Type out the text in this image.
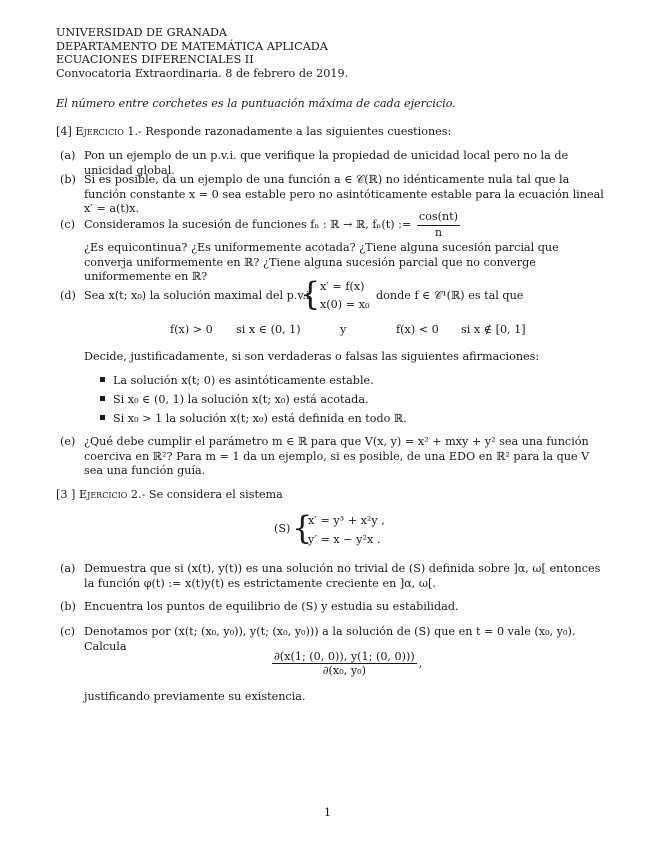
UNIVERSIDAD DE GRANADA
DEPARTAMENTO DE MATEMÁTICA APLICADA
ECUACIONES DIFERENCIALES II
Convocatoria Extraordinaria. 8 de febrero de 2019.
El número entre corchetes es la puntuación máxima de cada ejercicio.
[4] Ejercicio 1.- Responde razonadamente a las siguientes cuestiones:
(a) Pon un ejemplo de un p.v.i. que verifique la propiedad de unicidad local pero no la de unicidad global.
(b) Si es posible, da un ejemplo de una función a ∈ 𝒞(ℝ) no idénticamente nula tal que la función constante x = 0 sea estable pero no asintóticamente estable para la ecuación lineal x′ = a(t)x.
(c) Consideramos la sucesión de funciones fₙ : ℝ → ℝ, fₙ(t) := $\frac{\cos(nt)}{n}$
¿Es equicontinua? ¿Es uniformemente acotada? ¿Tiene alguna sucesión parcial que converja uniformemente en ℝ? ¿Tiene alguna sucesión parcial que no converge uniformemente en ℝ?
(d) Sea x(t; x₀) la solución maximal del p.v.i.
{ x′ = f(x)
x(0) = x₀
donde f ∈ 𝒞¹(ℝ) es tal que
f(x) > 0 si x ∈ (0, 1)	y	f(x) < 0 si x ∉ [0, 1]
Decide, justificadamente, si son verdaderas o falsas las siguientes afirmaciones:
La solución x(t; 0) es asintóticamente estable.
Si x₀ ∈ (0, 1) la solución x(t; x₀) está acotada.
Si x₀ > 1 la solución x(t; x₀) está definida en todo ℝ.
(e) ¿Qué debe cumplir el parámetro m ∈ ℝ para que V(x, y) = x² + mxy + y² sea una función coerciva en ℝ²? Para m = 1 da un ejemplo, si es posible, de una EDO en ℝ² para la que V sea una función guía.
[3 ] Ejercicio 2.- Se considera el sistema
(S) {
x′ = y³ + x²y ,
y′ = x − y²x .
(a) Demuestra que si (x(t), y(t)) es una solución no trivial de (S) definida sobre ]α, ω[ entonces la función φ(t) := x(t)y(t) es estrictamente creciente en ]α, ω[.
(b) Encuentra los puntos de equilibrio de (S) y estudia su estabilidad.
(c) Denotamos por (x(t; (x₀, y₀)), y(t; (x₀, y₀))) a la solución de (S) que en t = 0 vale (x₀, y₀). Calcula
$\frac{\partial(x(1; (0, 0)), y(1; (0, 0)))}{\text{∂(x₀, y₀)}}$ ,
justificando previamente su existencia.
1
